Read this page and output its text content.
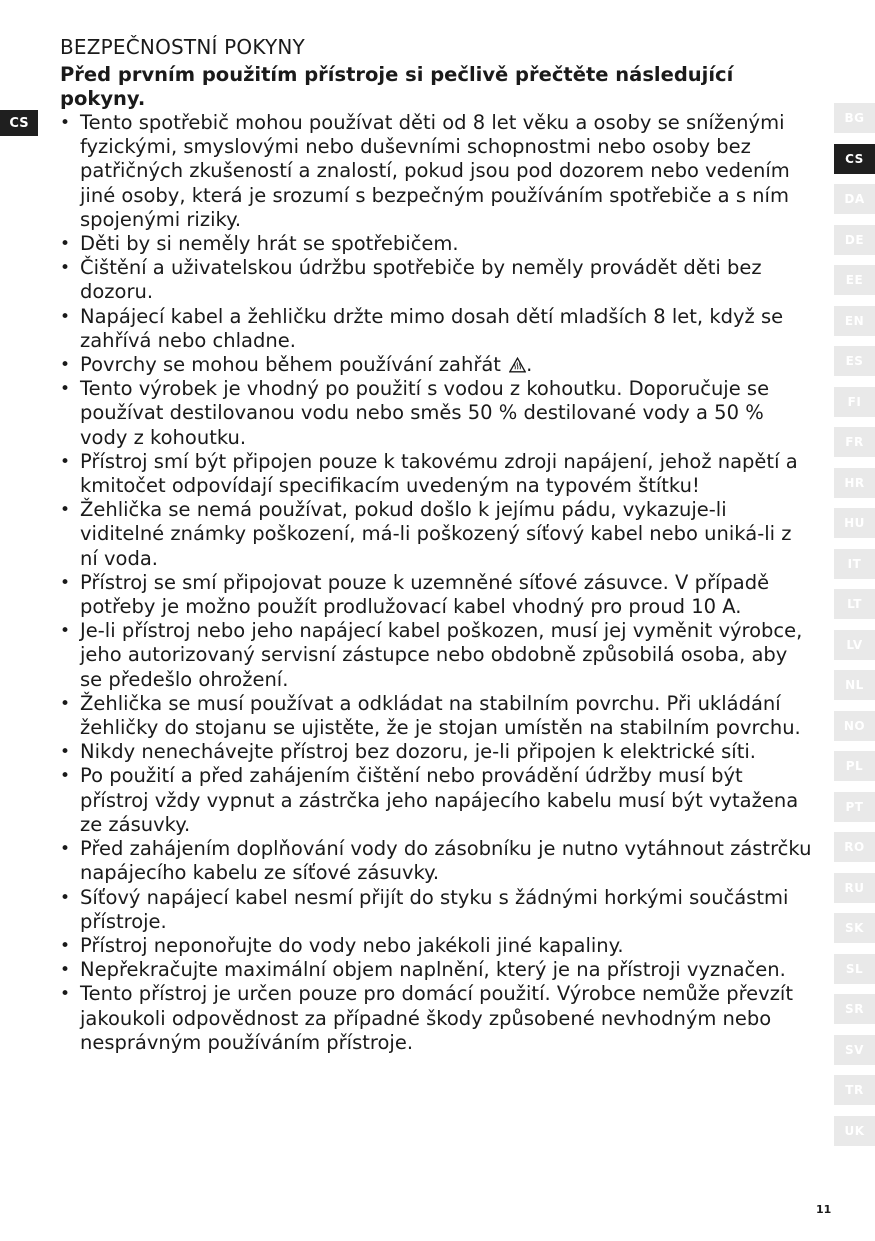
CS
BEZPEČNOSTNÍ POKYNY

Před prvním použitím přístroje si pečlivě přečtěte následující pokyny.

• Tento spotřebič mohou používat děti od 8 let věku a osoby se sníženými fyzickými, smyslovými nebo duševními schopnostmi nebo osoby bez patřičných zkušeností a znalostí, pokud jsou pod dozorem nebo vedením jiné osoby, která je srozumí s bezpečným používáním spotřebiče a s ním spojenými riziky.
• Děti by si neměly hrát se spotřebičem.
• Čištění a uživatelskou údržbu spotřebiče by neměly provádět děti bez dozoru.
• Napájecí kabel a žehličku držte mimo dosah dětí mladších 8 let, když se zahřívá nebo chladne.
• Povrchy se mohou během používání zahřát .
• Tento výrobek je vhodný po použití s vodou z kohoutku. Doporučuje se používat destilovanou vodu nebo směs 50 % destilované vody a 50 % vody z kohoutku.
• Přístroj smí být připojen pouze k takovému zdroji napájení, jehož napětí a kmitočet odpovídají specifikacím uvedeným na typovém štítku!
• Žehlička se nemá používat, pokud došlo k jejímu pádu, vykazuje-li viditelné známky poškození, má-li poškozený síťový kabel nebo uniká-li z ní voda.
• Přístroj se smí připojovat pouze k uzemněné síťové zásuvce. V případě potřeby je možno použít prodlužovací kabel vhodný pro proud 10 A.
• Je-li přístroj nebo jeho napájecí kabel poškozen, musí jej vyměnit výrobce, jeho autorizovaný servisní zástupce nebo obdobně způsobilá osoba, aby se předešlo ohrožení.
• Žehlička se musí používat a odkládat na stabilním povrchu. Při ukládání žehličky do stojanu se ujistěte, že je stojan umístěn na stabilním povrchu.
• Nikdy nenechávejte přístroj bez dozoru, je-li připojen k elektrické síti.
• Po použití a před zahájením čištění nebo provádění údržby musí být přístroj vždy vypnut a zástrčka jeho napájecího kabelu musí být vytažena ze zásuvky.
• Před zahájením doplňování vody do zásobníku je nutno vytáhnout zástrčku napájecího kabelu ze síťové zásuvky.
• Síťový napájecí kabel nesmí přijít do styku s žádnými horkými součástmi přístroje.
• Přístroj neponořujte do vody nebo jakékoli jiné kapaliny.
• Nepřekračujte maximální objem naplnění, který je na přístroji vyznačen.
• Tento přístroj je určen pouze pro domácí použití. Výrobce nemůže převzít jakoukoli odpovědnost za případné škody způsobené nevhodným nebo nesprávným používáním přístroje.
BG
CS
DA
DE
EE
EN
ES
FI
FR
HR
HU
IT
LT
LV
NL
NO
PL
PT
RO
RU
SK
SL
SR
SV
TR
UK
11
